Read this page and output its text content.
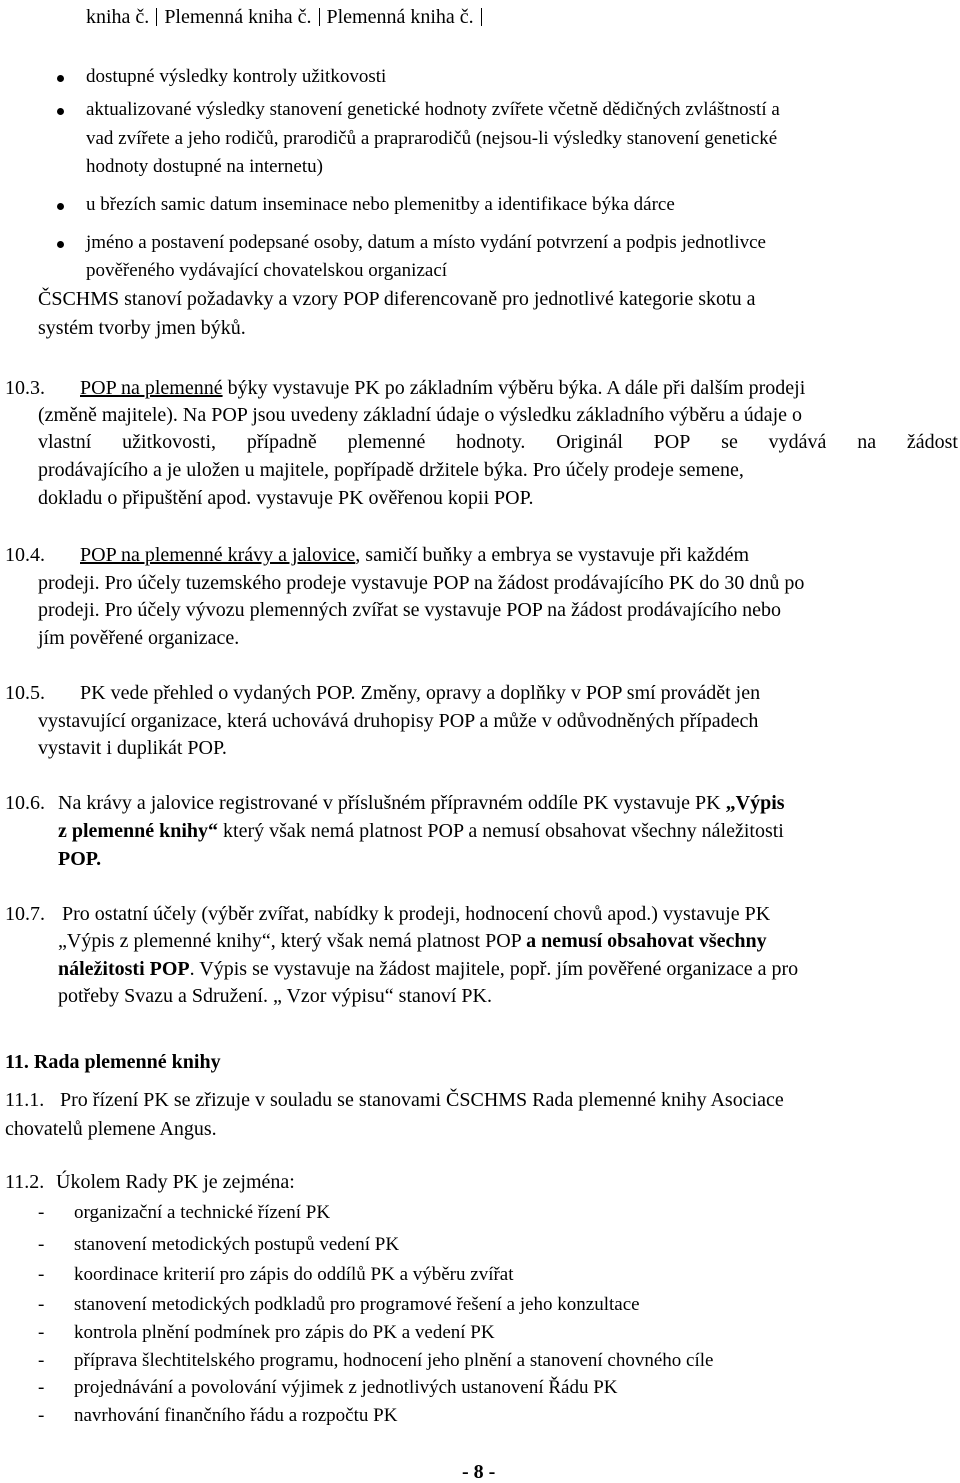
kniha č. Plemenná kniha č. Plemenná kniha č.
dostupné výsledky kontroly užitkovosti
aktualizované výsledky stanovení genetické hodnoty zvířete včetně dědičných zvláštností a
vad zvířete a jeho rodičů, prarodičů a praprarodičů (nejsou-li výsledky stanovení genetické
hodnoty dostupné na internetu)
u březích samic datum inseminace nebo plemenitby a identifikace býka dárce
jméno a postavení podepsané osoby, datum a místo vydání potvrzení a podpis jednotlivce
pověřeného vydávající chovatelskou organizací
ČSCHMS stanoví požadavky a vzory POP diferencovaně pro jednotlivé kategorie skotu a
systém tvorby jmen býků.
10.3. POP na plemenné býky vystavuje PK po základním výběru býka. A dále při dalším prodeji
(změně majitele). Na POP jsou uvedeny základní údaje o výsledku základního výběru a údaje o
vlastní užitkovosti, případně plemenné hodnoty. Originál POP se vydává na žádost
prodávajícího a je uložen u majitele, popřípadě držitele býka. Pro účely prodeje semene,
dokladu o připuštění apod. vystavuje PK ověřenou kopii POP.
10.4. POP na plemenné krávy a jalovice, samičí buňky a embrya se vystavuje při každém
prodeji. Pro účely tuzemského prodeje vystavuje POP na žádost prodávajícího PK do 30 dnů po
prodeji. Pro účely vývozu plemenných zvířat se vystavuje POP na žádost prodávajícího nebo
jím pověřené organizace.
10.5. PK vede přehled o vydaných POP. Změny, opravy a doplňky v POP smí provádět jen
vystavující organizace, která uchovává druhopisy POP a může v odůvodněných případech
vystavit i duplikát POP.
10.6. Na krávy a jalovice registrované v příslušném přípravném oddíle PK vystavuje PK „Výpis
z plemenné knihy“ který však nemá platnost POP a nemusí obsahovat všechny náležitosti
POP.
10.7. Pro ostatní účely (výběr zvířat, nabídky k prodeji, hodnocení chovů apod.) vystavuje PK
„Výpis z plemenné knihy“, který však nemá platnost POP a nemusí obsahovat všechny
náležitosti POP. Výpis se vystavuje na žádost majitele, popř. jím pověřené organizace a pro
potřeby Svazu a Sdružení. „ Vzor výpisu“ stanoví PK.
11. Rada plemenné knihy
11.1. Pro řízení PK se zřizuje v souladu se stanovami ČSCHMS Rada plemenné knihy Asociace
chovatelů plemene Angus.
11.2. Úkolem Rady PK je zejména:
- organizační a technické řízení PK
- stanovení metodických postupů vedení PK
- koordinace kriterií pro zápis do oddílů PK a výběru zvířat
- stanovení metodických podkladů pro programové řešení a jeho konzultace
- kontrola plnění podmínek pro zápis do PK a vedení PK
- příprava šlechtitelského programu, hodnocení jeho plnění a stanovení chovného cíle
- projednávání a povolování výjimek z jednotlivých ustanovení Řádu PK
- navrhování finančního řádu a rozpočtu PK
- 8 -
